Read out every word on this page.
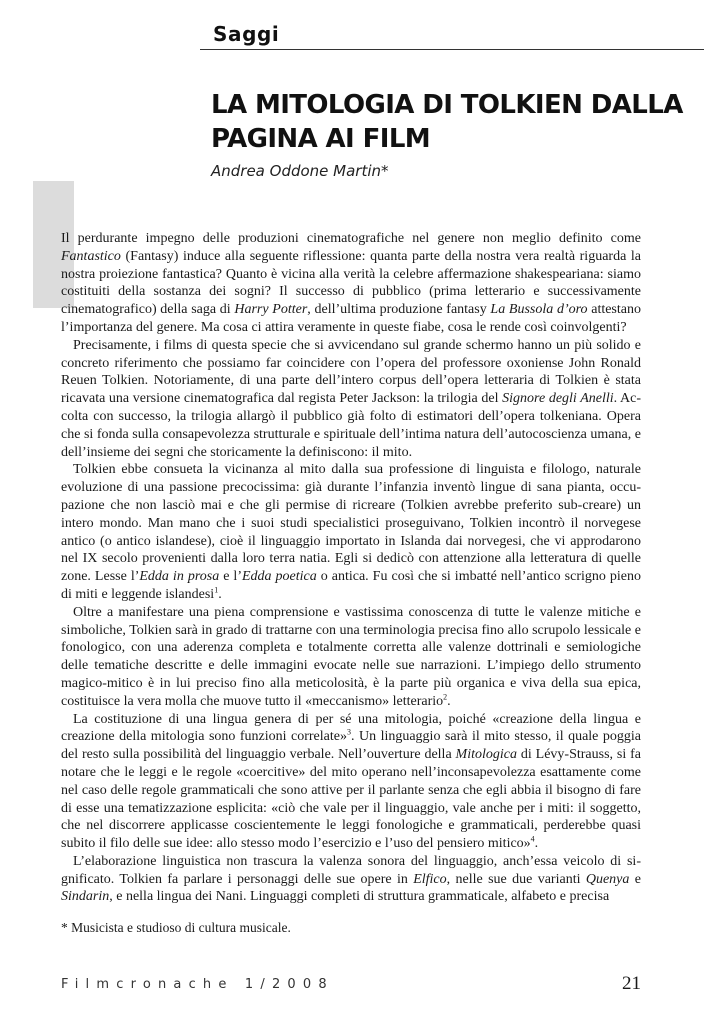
Saggi
LA MITOLOGIA DI TOLKIEN DALLA PAGINA AI FILM
Andrea Oddone Martin*

Il perdurante impegno delle produzioni cinematografiche nel genere non meglio definito come Fantastico (Fantasy) induce alla seguente riflessione: quanta parte della nostra vera realtà riguarda la nostra proiezione fantastica? Quanto è vicina alla verità la celebre affermazione shakespeariana: siamo costituiti della sostanza dei sogni? Il successo di pubblico (prima letterario e successivamente cinematografico) della saga di Harry Potter, dell’ultima produzione fantasy La Bussola d’oro attestano l’importanza del genere. Ma cosa ci attira veramente in queste fiabe, cosa le rende così coinvolgenti?

Precisamente, i films di questa specie che si avvicendano sul grande schermo hanno un più solido e concreto riferimento che possiamo far coincidere con l’opera del professore oxoniense John Ronald Reuen Tolkien. Notoriamente, di una parte dell’intero corpus dell’opera letteraria di Tolkien è stata ricavata una versione cinematografica dal regista Peter Jackson: la trilogia del Signore degli Anelli. Ac-colta con successo, la trilogia allargò il pubblico già folto di estimatori dell’opera tolkeniana. Opera che si fonda sulla consapevolezza strutturale e spirituale dell’intima natura dell’autocoscienza umana, e dell’insieme dei segni che storicamente la definiscono: il mito.

Tolkien ebbe consueta la vicinanza al mito dalla sua professione di linguista e filologo, naturale evoluzione di una passione precocissima: già durante l’infanzia inventò lingue di sana pianta, occu-pazione che non lasciò mai e che gli permise di ricreare (Tolkien avrebbe preferito sub-creare) un intero mondo. Man mano che i suoi studi specialistici proseguivano, Tolkien incontrò il norvegese antico (o antico islandese), cioè il linguaggio importato in Islanda dai norvegesi, che vi approdarono nel IX secolo provenienti dalla loro terra natia. Egli si dedicò con attenzione alla letteratura di quelle zone. Lesse l’Edda in prosa e l’Edda poetica o antica. Fu così che si imbatté nell’antico scrigno pieno di miti e leggende islandesi$^1$.

Oltre a manifestare una piena comprensione e vastissima conoscenza di tutte le valenze mitiche e simboliche, Tolkien sarà in grado di trattarne con una terminologia precisa fino allo scrupolo lessicale e fonologico, con una aderenza completa e totalmente corretta alle valenze dottrinali e semiologiche delle tematiche descritte e delle immagini evocate nelle sue narrazioni. L’impiego dello strumento magico-mitico è in lui preciso fino alla meticolosità, è la parte più organica e viva della sua epica, costituisce la vera molla che muove tutto il «meccanismo» letterario$^2$.

La costituzione di una lingua genera di per sé una mitologia, poiché «creazione della lingua e creazione della mitologia sono funzioni correlate»$^3$. Un linguaggio sarà il mito stesso, il quale poggia del resto sulla possibilità del linguaggio verbale. Nell’ouverture della Mitologica di Lévy-Strauss, si fa notare che le leggi e le regole «coercitive» del mito operano nell’inconsapevolezza esattamente come nel caso delle regole grammaticali che sono attive per il parlante senza che egli abbia il bisogno di fare di esse una tematizzazione esplicita: «ciò che vale per il linguaggio, vale anche per i miti: il soggetto, che nel discorrere applicasse coscientemente le leggi fonologiche e grammaticali, perderebbe quasi subito il filo delle sue idee: allo stesso modo l’esercizio e l’uso del pensiero mitico»$^4$.

L’elaborazione linguistica non trascura la valenza sonora del linguaggio, anch’essa veicolo di si-gnificato. Tolkien fa parlare i personaggi delle sue opere in Elfico, nelle sue due varianti Quenya e Sindarin, e nella lingua dei Nani. Linguaggi completi di struttura grammaticale, alfabeto e precisa

* Musicista e studioso di cultura musicale.
Filmcronache 1/2008	21
